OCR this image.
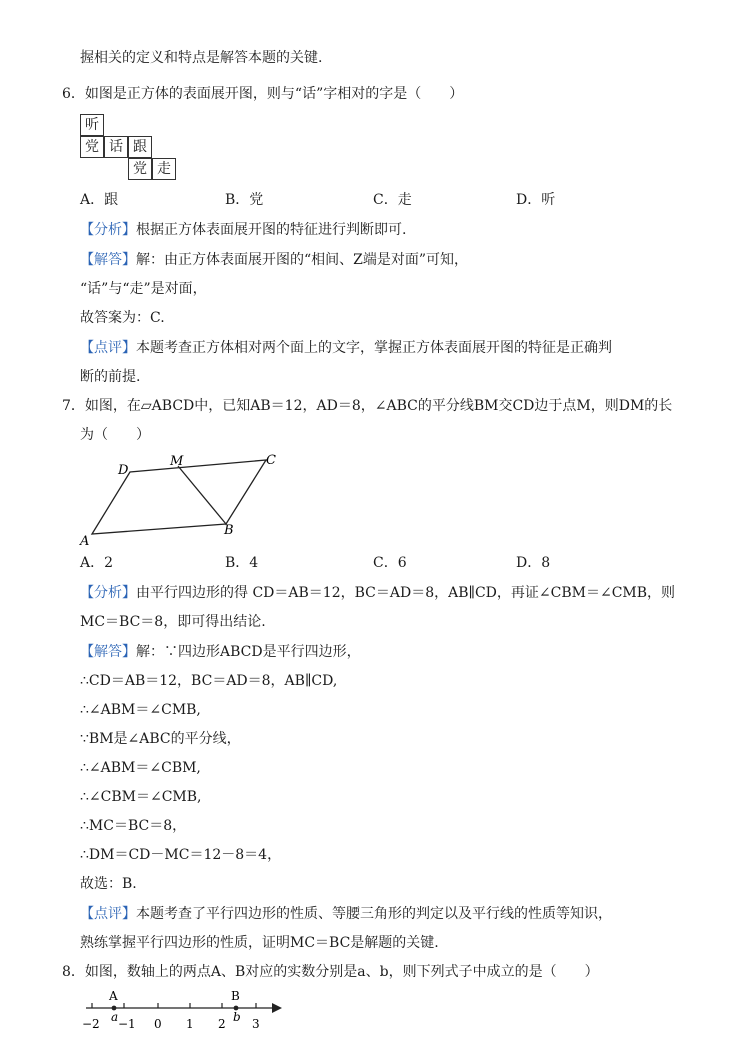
握相关的定义和特点是解答本题的关键.
6．如图是正方体的表面展开图，则与“话”字相对的字是（　　）
听
党 话 跟
党 走
A．跟	B．党	C．走	D．听
【分析】根据正方体表面展开图的特征进行判断即可.
【解答】解：由正方体表面展开图的“相间、Z端是对面”可知，
“话”与“走”是对面，
故答案为：C.
【点评】本题考查正方体相对两个面上的文字，掌握正方体表面展开图的特征是正确判
断的前提.
7．如图，在▱ABCD中，已知AB＝12，AD＝8，∠ABC的平分线BM交CD边于点M，则DM的长
为（　　）
A
D
M	C
B
A．2	B．4	C．6	D．8
【分析】由平行四边形的得 CD＝AB＝12，BC＝AD＝8，AB∥CD，再证∠CBM＝∠CMB，则
MC＝BC＝8，即可得出结论.
【解答】解：∵四边形ABCD是平行四边形，
∴CD＝AB＝12，BC＝AD＝8，AB∥CD,
∴∠ABM＝∠CMB,
∵BM是∠ABC的平分线，
∴∠ABM＝∠CBM,
∴∠CBM＝∠CMB,
∴MC＝BC＝8，
∴DM＝CD－MC＝12－8＝4，
故选：B.
【点评】本题考查了平行四边形的性质、等腰三角形的判定以及平行线的性质等知识，
熟练掌握平行四边形的性质，证明MC＝BC是解题的关键.
8．如图，数轴上的两点A、B对应的实数分别是a、b，则下列式子中成立的是（　　）
A	B
a	b
−2 −1 0 1 2 3
